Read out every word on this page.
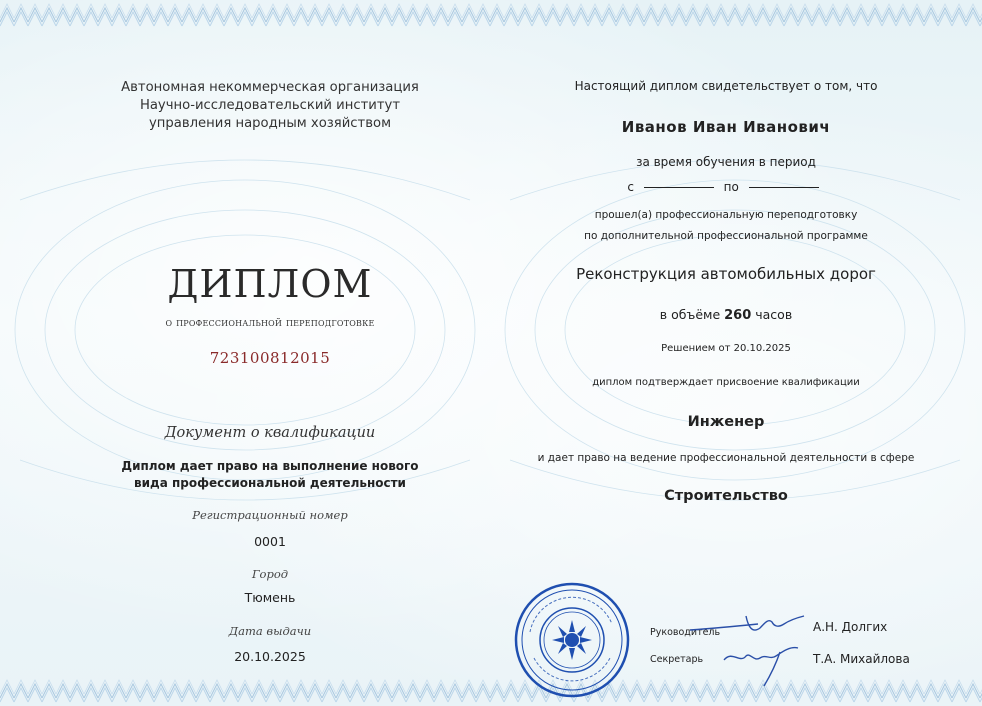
Автономная некоммерческая организация
Научно-исследовательский институт
управления народным хозяйством
ДИПЛОМ
о профессиональной переподготовке
723100812015
Документ о квалификации
Диплом дает право на выполнение нового
вида профессиональной деятельности
Регистрационный номер
0001
Город
Тюмень
Дата выдачи
20.10.2025
Настоящий диплом свидетельствует о том, что
Иванов Иван Иванович
за время обучения в период
с	по
прошел(а) профессиональную переподготовку
по дополнительной профессиональной программе
Реконструкция автомобильных дорог
в объёме 260 часов
Решением от 20.10.2025
диплом подтверждает присвоение квалификации
Инженер
и дает право на ведение профессиональной деятельности в сфере
Строительство
Руководитель	А.Н. Долгих
Секретарь	Т.А. Михайлова
